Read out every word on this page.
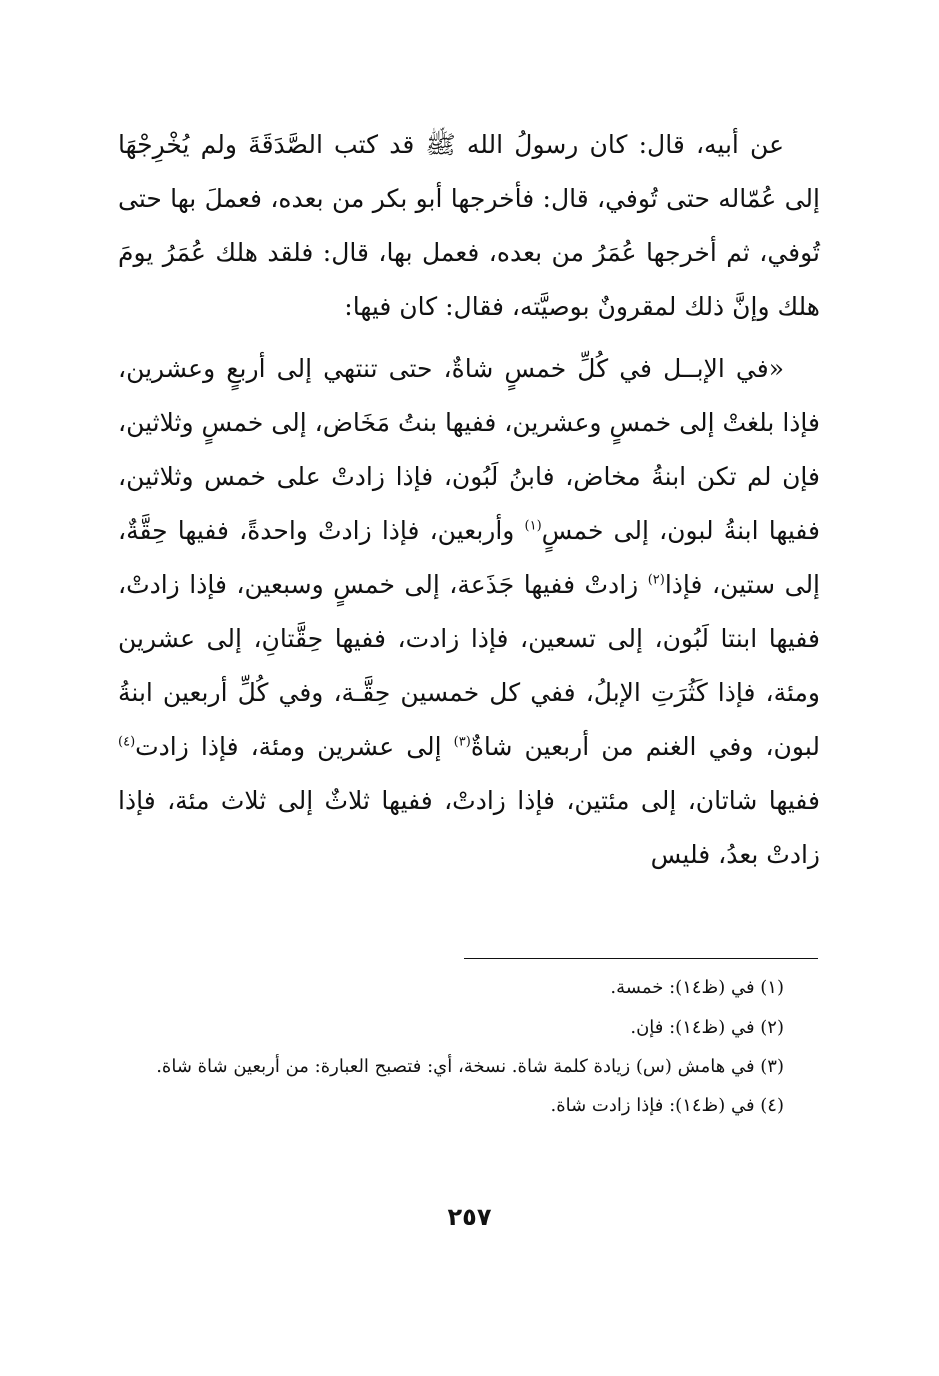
عن أبيه، قال: كان رسولُ الله ﷺ قد كتب الصَّدَقَةَ ولم يُخْرِجْهَا إلى عُمّاله حتى تُوفي، قال: فأخرجها أبو بكر من بعده، فعملَ بها حتى تُوفي، ثم أخرجها عُمَرُ من بعده، فعمل بها، قال: فلقد هلك عُمَرُ يومَ هلك وإنَّ ذلك لمقرونٌ بوصيَّته، فقال: كان فيها:

«في الإبــل في كُلِّ خمسٍ شاةٌ، حتى تنتهي إلى أربعٍ وعشرين، فإذا بلغتْ إلى خمسٍ وعشرين، ففيها بنتُ مَخَاض، إلى خمسٍ وثلاثين، فإن لم تكن ابنةُ مخاض، فابنُ لَبُون، فإذا زادتْ على خمس وثلاثين، ففيها ابنةُ لبون، إلى خمسٍ$^{(١)}$ وأربعين، فإذا زادتْ واحدةً، ففيها حِقَّةٌ، إلى ستين، فإذا$^{(٢)}$ زادتْ ففيها جَذَعة، إلى خمسٍ وسبعين، فإذا زادتْ، ففيها ابنتا لَبُون، إلى تسعين، فإذا زادت، ففيها حِقَّتانِ، إلى عشرين ومئة، فإذا كَثُرَتِ الإبلُ، ففي كل خمسين حِقَّـة، وفي كُلِّ أربعين ابنةُ لبون، وفي الغنم من أربعين شاةٌ$^{(٣)}$ إلى عشرين ومئة، فإذا زادت$^{(٤)}$ ففيها شاتان، إلى مئتين، فإذا زادتْ، ففيها ثلاثٌ إلى ثلاث مئة، فإذا زادتْ بعدُ، فليس

(١) في (ظ١٤): خمسة.

(٢) في (ظ١٤): فإن.

(٣) في هامش (س) زيادة كلمة شاة. نسخة، أي: فتصبح العبارة: من أربعين شاة شاة.

(٤) في (ظ١٤): فإذا زادت شاة.

٢٥٧
